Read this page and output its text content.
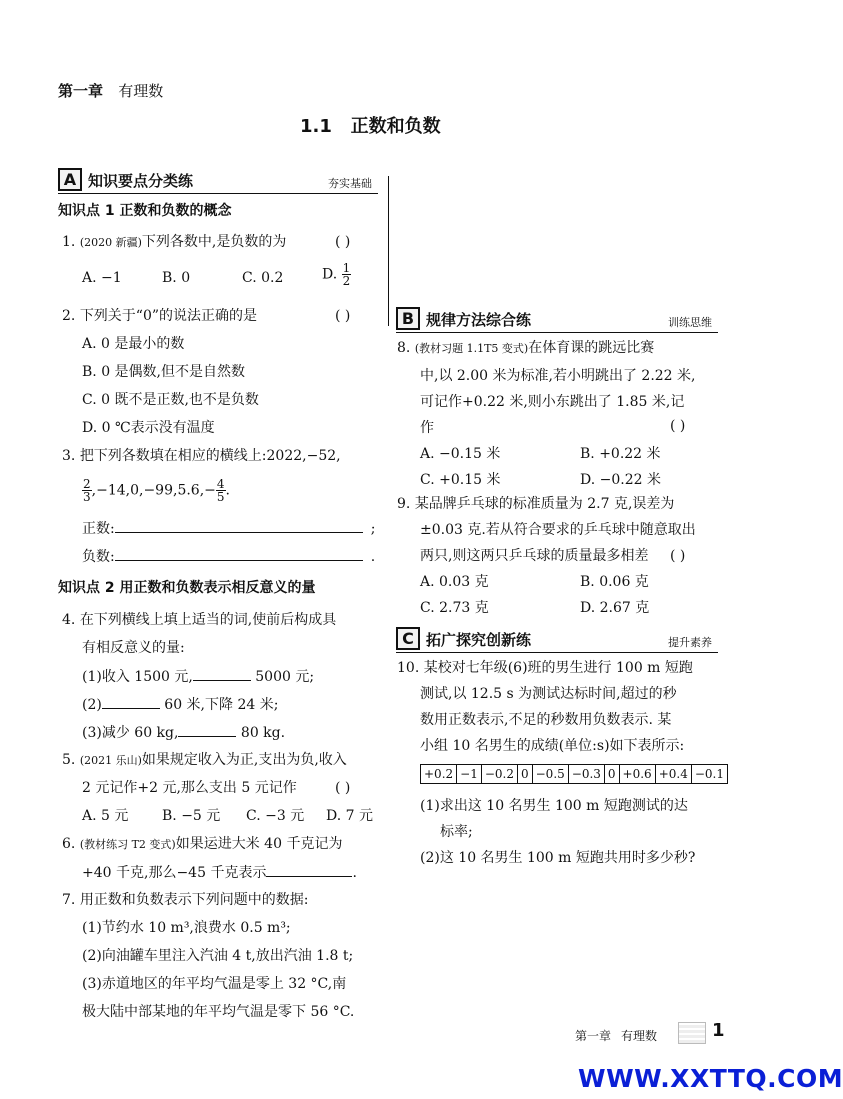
第一章 有理数
1.1   正数和负数
A 知识要点分类练	夯实基础
知识点 1 正数和负数的概念
1. (2020 新疆)下列各数中,是负数的为	( )
A. −1	B. 0	C. 0.2	D. $\frac{1}{2}$
2. 下列关于“0”的说法正确的是	( )
A. 0 是最小的数
B. 0 是偶数,但不是自然数
C. 0 既不是正数,也不是负数
D. 0 ℃表示没有温度
3. 把下列各数填在相应的横线上:2022,−52,
$\frac{2}{3} ,-14,0,-99,5.6,- \frac{4}{5}$ .
正数:	;
负数:	.
知识点 2 用正数和负数表示相反意义的量
4. 在下列横线上填上适当的词,使前后构成具
有相反意义的量:
(1)收入 1500 元,	5000 元;
(2)	60 米,下降 24 米;
(3)减少 60 kg,	80 kg.
5. (2021 乐山)如果规定收入为正,支出为负,收入
2 元记作+2 元,那么支出 5 元记作	( )
A. 5 元 B. −5 元 C. −3 元 D. 7 元
6. (教材练习 T2 变式)如果运进大米 40 千克记为
+40 千克,那么−45 千克表示	.
7. 用正数和负数表示下列问题中的数据:
(1)节约水 10 m³,浪费水 0.5 m³;
(2)向油罐车里注入汽油 4 t,放出汽油 1.8 t;
(3)赤道地区的年平均气温是零上 32 °C,南
极大陆中部某地的年平均气温是零下 56 °C.
B 规律方法综合练	训练思维
8. (教材习题 1.1T5 变式)在体育课的跳远比赛
中,以 2.00 米为标准,若小明跳出了 2.22 米,
可记作+0.22 米,则小东跳出了 1.85 米,记
作	( )
A. −0.15 米	B. +0.22 米
C. +0.15 米	D. −0.22 米
9. 某品牌乒乓球的标准质量为 2.7 克,误差为
±0.03 克.若从符合要求的乒乓球中随意取出
两只,则这两只乒乓球的质量最多相差 ( )
A. 0.03 克	B. 0.06 克
C. 2.73 克	D. 2.67 克
C 拓广探究创新练	提升素养
10. 某校对七年级(6)班的男生进行 100 m 短跑
测试,以 12.5 s 为测试达标时间,超过的秒
数用正数表示,不足的秒数用负数表示. 某
小组 10 名男生的成绩(单位:s)如下表所示:
+0.2	−1	−0.2	0	−0.5	−0.3	0	+0.6	+0.4	−0.1
(1)求出这 10 名男生 100 m 短跑测试的达
标率;
(2)这 10 名男生 100 m 短跑共用时多少秒?
第一章 有理数	1
WWW.XXTTQ.COM
